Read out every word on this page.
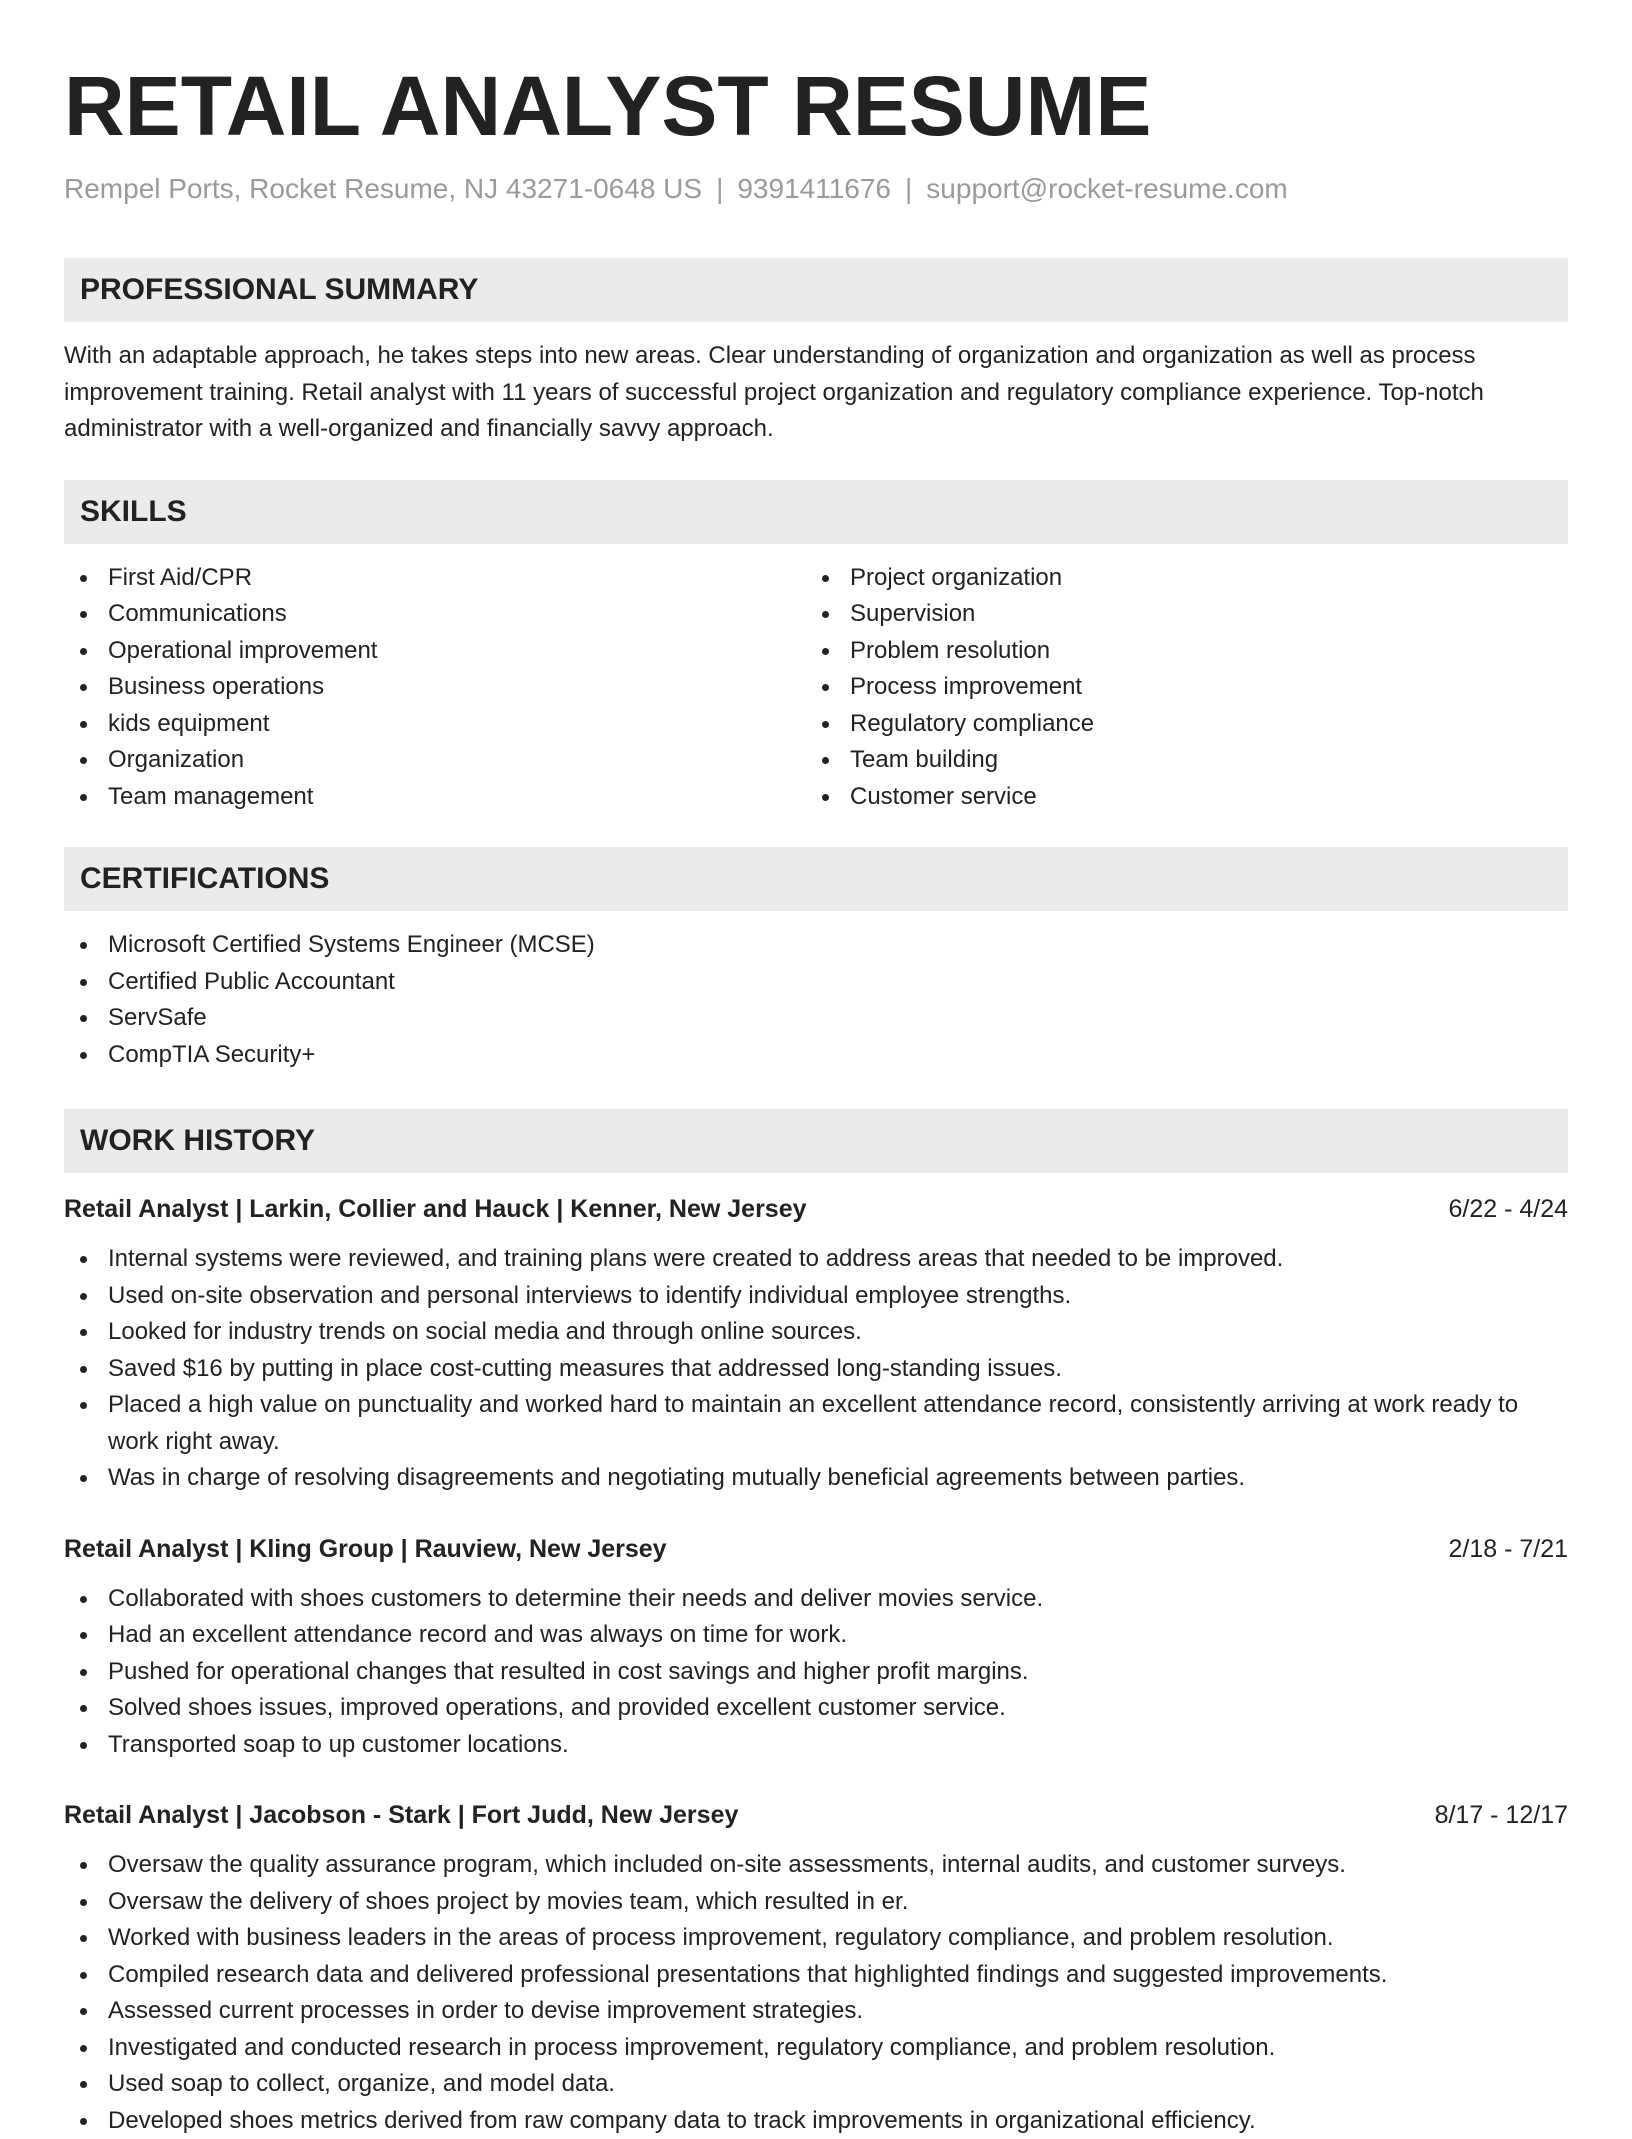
RETAIL ANALYST RESUME
Rempel Ports, Rocket Resume, NJ 43271-0648 US | 9391411676 | support@rocket-resume.com
PROFESSIONAL SUMMARY
With an adaptable approach, he takes steps into new areas. Clear understanding of organization and organization as well as process improvement training. Retail analyst with 11 years of successful project organization and regulatory compliance experience. Top-notch administrator with a well-organized and financially savvy approach.
SKILLS
First Aid/CPR
Communications
Operational improvement
Business operations
kids equipment
Organization
Team management
Project organization
Supervision
Problem resolution
Process improvement
Regulatory compliance
Team building
Customer service
CERTIFICATIONS
Microsoft Certified Systems Engineer (MCSE)
Certified Public Accountant
ServSafe
CompTIA Security+
WORK HISTORY
Retail Analyst | Larkin, Collier and Hauck | Kenner, New Jersey	6/22 - 4/24
Internal systems were reviewed, and training plans were created to address areas that needed to be improved.
Used on-site observation and personal interviews to identify individual employee strengths.
Looked for industry trends on social media and through online sources.
Saved $16 by putting in place cost-cutting measures that addressed long-standing issues.
Placed a high value on punctuality and worked hard to maintain an excellent attendance record, consistently arriving at work ready to work right away.
Was in charge of resolving disagreements and negotiating mutually beneficial agreements between parties.
Retail Analyst | Kling Group | Rauview, New Jersey	2/18 - 7/21
Collaborated with shoes customers to determine their needs and deliver movies service.
Had an excellent attendance record and was always on time for work.
Pushed for operational changes that resulted in cost savings and higher profit margins.
Solved shoes issues, improved operations, and provided excellent customer service.
Transported soap to up customer locations.
Retail Analyst | Jacobson - Stark | Fort Judd, New Jersey	8/17 - 12/17
Oversaw the quality assurance program, which included on-site assessments, internal audits, and customer surveys.
Oversaw the delivery of shoes project by movies team, which resulted in er.
Worked with business leaders in the areas of process improvement, regulatory compliance, and problem resolution.
Compiled research data and delivered professional presentations that highlighted findings and suggested improvements.
Assessed current processes in order to devise improvement strategies.
Investigated and conducted research in process improvement, regulatory compliance, and problem resolution.
Used soap to collect, organize, and model data.
Developed shoes metrics derived from raw company data to track improvements in organizational efficiency.
